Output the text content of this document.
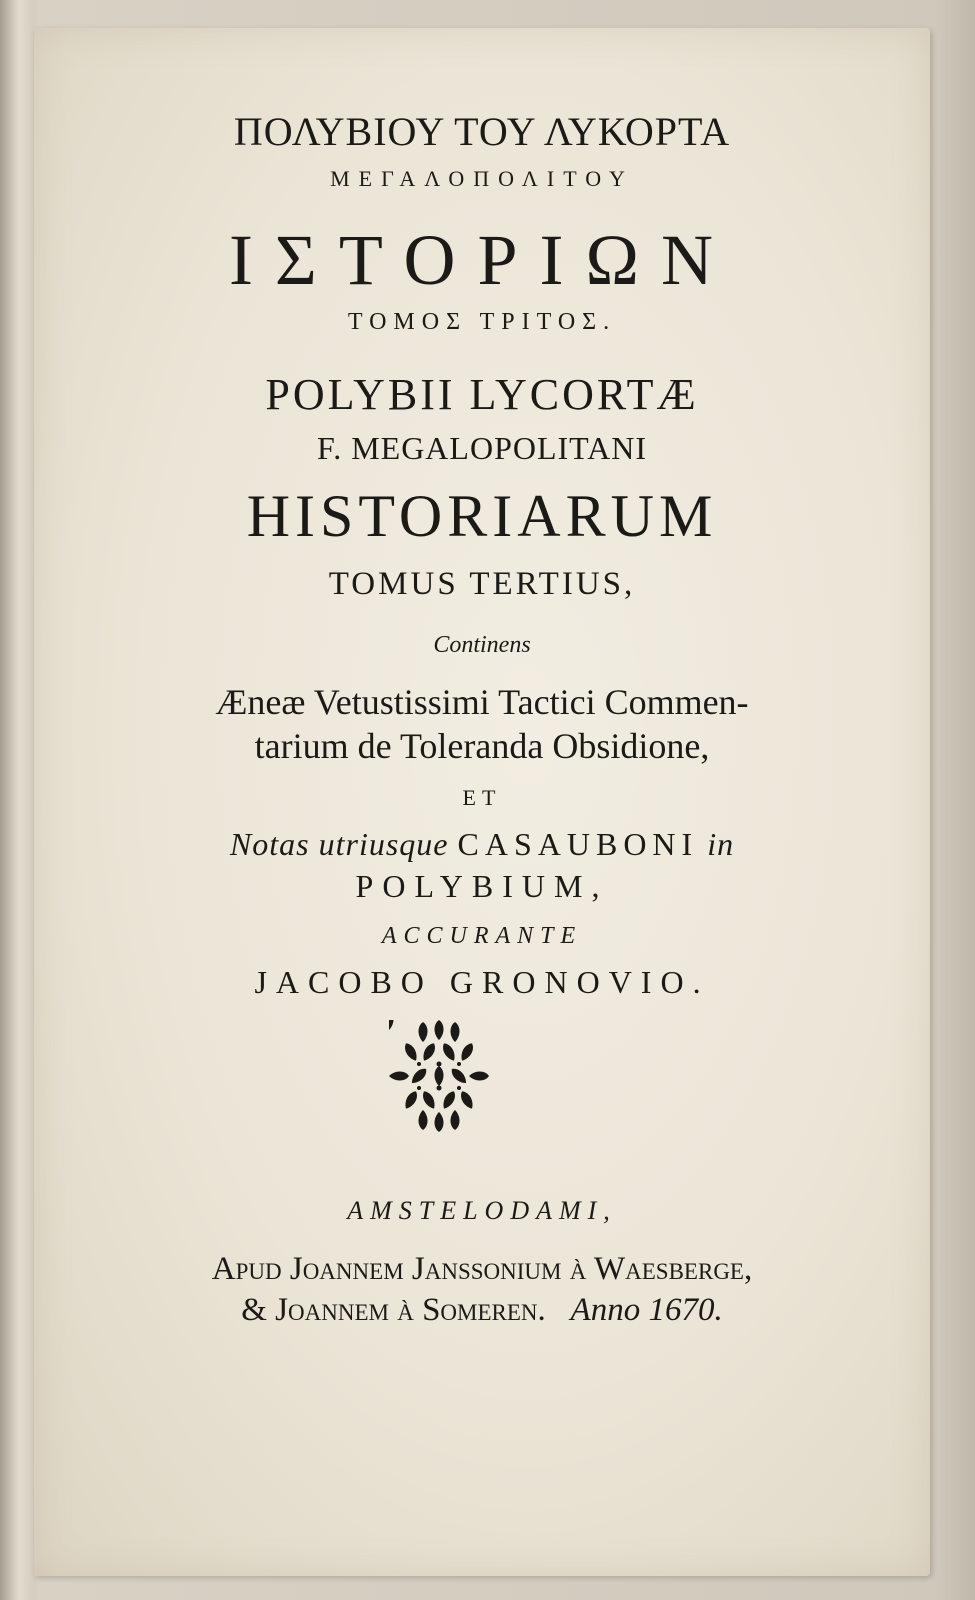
ΠΟΛΥΒΙΟΥ ΤΟΥ ΛΥΚΟΡΤΑ
ΜΕΓΑΛΟΠΟΛΙΤΟΥ
ΙΣΤΟΡΙΩΝ
ΤΟΜΟΣ ΤΡΙΤΟΣ.
POLYBII LYCORTÆ
F. MEGALOPOLITANI
HISTORIARUM
TOMUS TERTIUS,
Continens
Æneæ Vetustissimi Tactici Commen-
tarium de Toleranda Obsidione,
ET
Notas utriusque CASAUBONI in
POLYBIUM,
ACCURANTE
JACOBO GRONOVIO.
AMSTELODAMI,
Apud Joannem Janssonium à Waesberge,
& Joannem à Someren. Anno 1670.
